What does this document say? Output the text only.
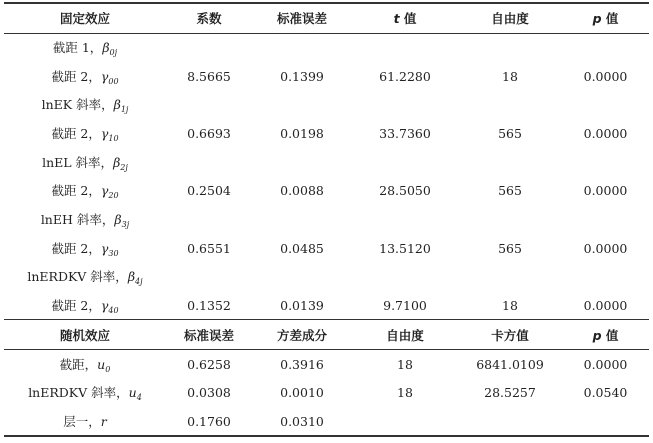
固定效应	系数	标准误差	t 值	自由度	p 值
截距 1，$\beta_{0j}$					
截距 2，$\gamma_{00}$	8.5665	0.1399	61.2280	18	0.0000
lnEK 斜率，$\beta_{1j}$					
截距 2，$\gamma_{10}$	0.6693	0.0198	33.7360	565	0.0000
lnEL 斜率，$\beta_{2j}$					
截距 2，$\gamma_{20}$	0.2504	0.0088	28.5050	565	0.0000
lnEH 斜率，$\beta_{3j}$					
截距 2，$\gamma_{30}$	0.6551	0.0485	13.5120	565	0.0000
lnERDKV 斜率，$\beta_{4j}$					
截距 2，$\gamma_{40}$	0.1352	0.0139	9.7100	18	0.0000
随机效应	标准误差	方差成分	自由度	卡方值	p 值
截距，$u_0$	0.6258	0.3916	18	6841.0109	0.0000
lnERDKV 斜率，$u_4$	0.0308	0.0010	18	28.5257	0.0540
层一，r	0.1760	0.0310			
